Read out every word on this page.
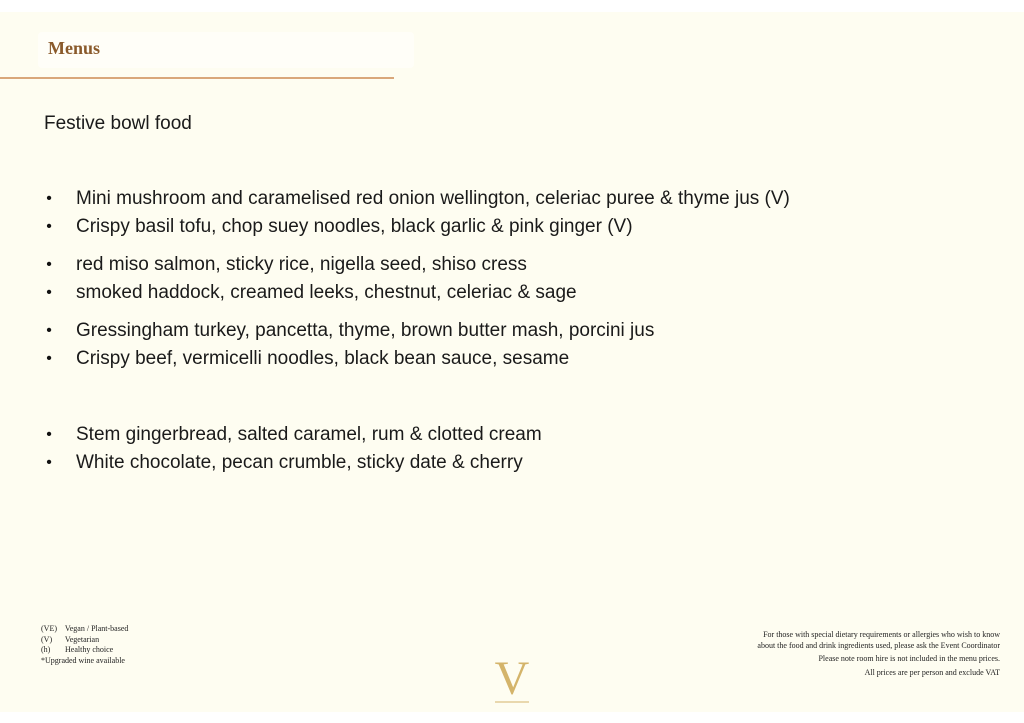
Menus
Festive bowl food
• Mini mushroom and caramelised red onion wellington, celeriac puree & thyme jus (V)
• Crispy basil tofu, chop suey noodles, black garlic & pink ginger (V)
• red miso salmon, sticky rice, nigella seed, shiso cress
• smoked haddock, creamed leeks, chestnut, celeriac & sage
• Gressingham turkey, pancetta, thyme, brown butter mash, porcini jus
• Crispy beef, vermicelli noodles, black bean sauce, sesame
• Stem gingerbread, salted caramel, rum & clotted cream
• White chocolate, pecan crumble, sticky date & cherry
(VE) Vegan / Plant-based
(V) Vegetarian
(h) Healthy choice
*Upgraded wine available	V
For those with special dietary requirements or allergies who wish to know
about the food and drink ingredients used, please ask the Event Coordinator
Please note room hire is not included in the menu prices.
All prices are per person and exclude VAT
